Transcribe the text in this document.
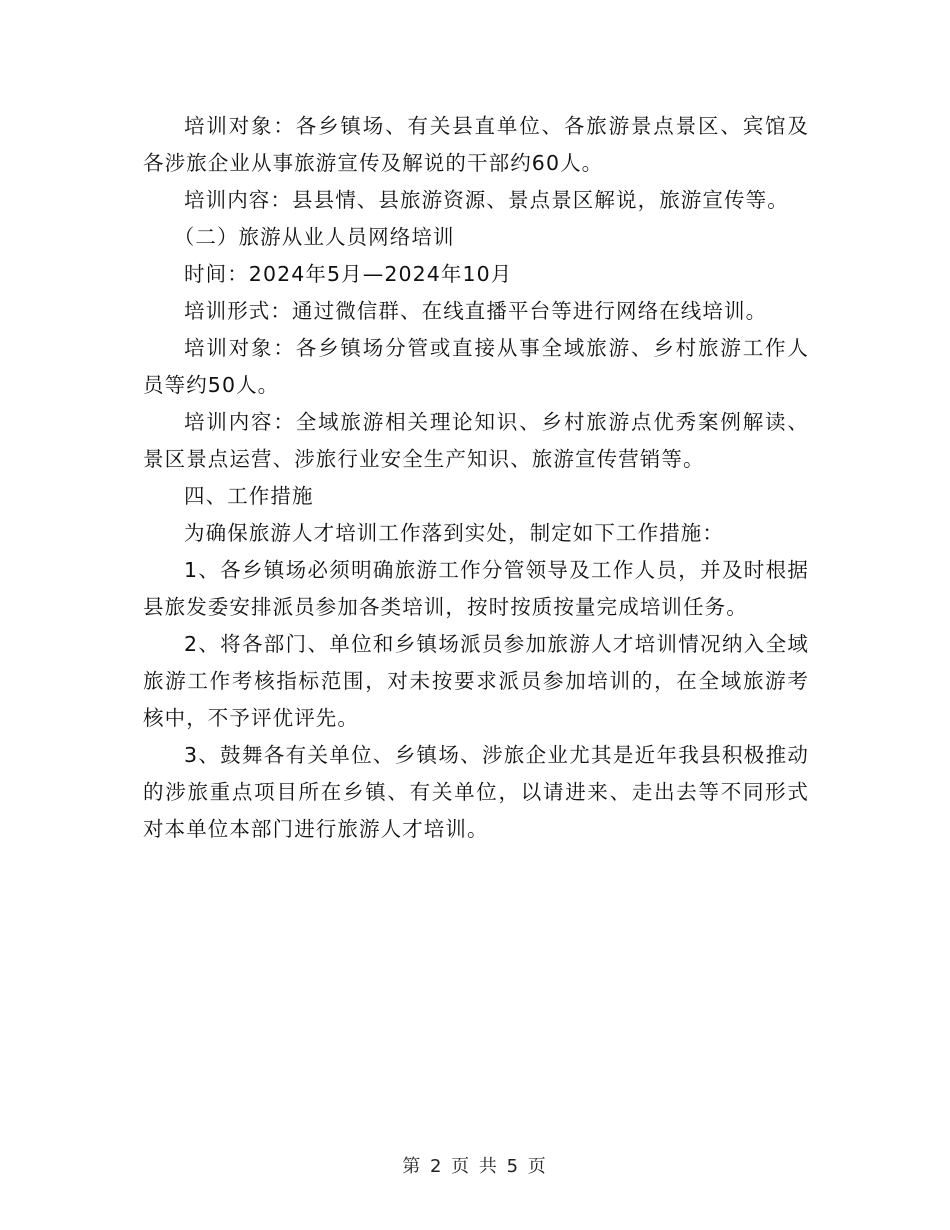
培训对象：各乡镇场、有关县直单位、各旅游景点景区、宾馆及各涉旅企业从事旅游宣传及解说的干部约60人。

培训内容：县县情、县旅游资源、景点景区解说，旅游宣传等。

（二）旅游从业人员网络培训

时间：2024年5月—2024年10月

培训形式：通过微信群、在线直播平台等进行网络在线培训。

培训对象：各乡镇场分管或直接从事全域旅游、乡村旅游工作人员等约50人。

培训内容：全域旅游相关理论知识、乡村旅游点优秀案例解读、景区景点运营、涉旅行业安全生产知识、旅游宣传营销等。

四、工作措施

为确保旅游人才培训工作落到实处，制定如下工作措施：

1、各乡镇场必须明确旅游工作分管领导及工作人员，并及时根据县旅发委安排派员参加各类培训，按时按质按量完成培训任务。

2、将各部门、单位和乡镇场派员参加旅游人才培训情况纳入全域旅游工作考核指标范围，对未按要求派员参加培训的，在全域旅游考核中，不予评优评先。

3、鼓舞各有关单位、乡镇场、涉旅企业尤其是近年我县积极推动的涉旅重点项目所在乡镇、有关单位，以请进来、走出去等不同形式对本单位本部门进行旅游人才培训。

第 2 页 共 5 页
